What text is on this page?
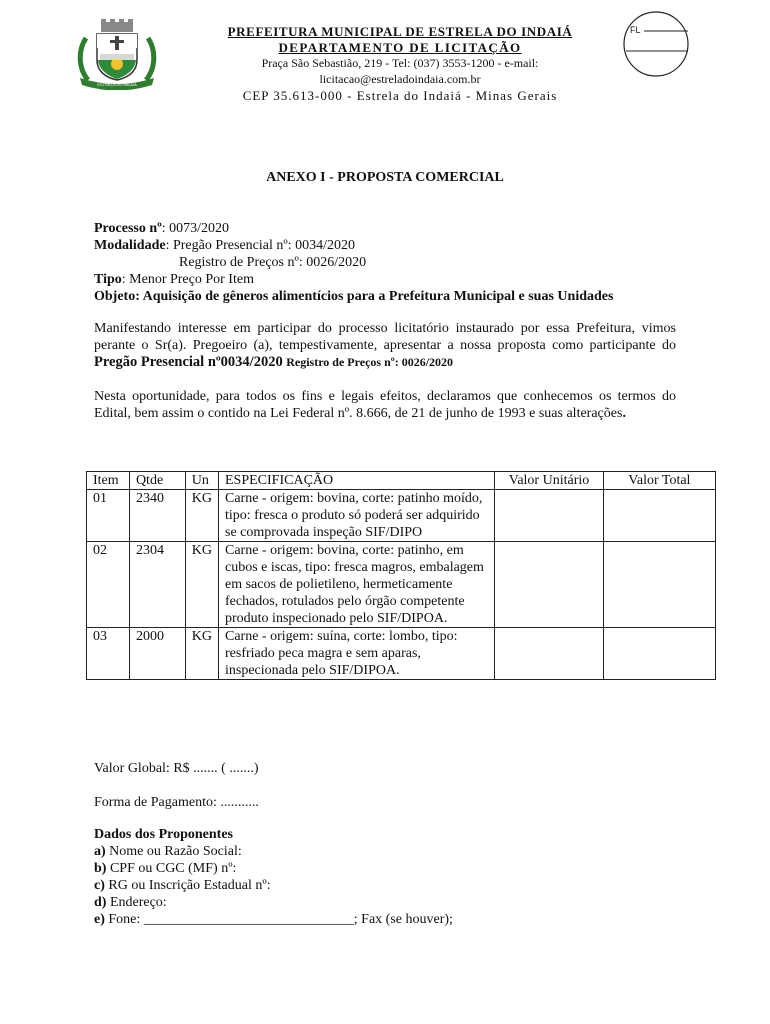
ESTRELA DO INDAIÁ
PREFEITURA MUNICIPAL DE ESTRELA DO INDAIÁ
DEPARTAMENTO DE LICITAÇÃO
Praça São Sebastião, 219 - Tel: (037) 3553-1200 - e-mail:
licitacao@estreladoindaia.com.br
CEP 35.613-000 - Estrela do Indaiá - Minas Gerais
FL
ANEXO I - PROPOSTA COMERCIAL
Processo nº: 0073/2020
Modalidade: Pregão Presencial nº: 0034/2020
Registro de Preços nº: 0026/2020
Tipo: Menor Preço Por Item
Objeto: Aquisição de gêneros alimentícios para a Prefeitura Municipal e suas Unidades
Manifestando interesse em participar do processo licitatório instaurado por essa Prefeitura, vimos perante o Sr(a). Pregoeiro (a), tempestivamente, apresentar a nossa proposta como participante do Pregão Presencial nº0034/2020 Registro de Preços nº: 0026/2020
Nesta oportunidade, para todos os fins e legais efeitos, declaramos que conhecemos os termos do Edital, bem assim o contido na Lei Federal nº. 8.666, de 21 de junho de 1993 e suas alterações.
Item	Qtde	Un	ESPECIFICAÇÃO	Valor Unitário	Valor Total
01	2340	KG	Carne - origem: bovina, corte: patinho moído, tipo: fresca o produto só poderá ser adquirido se comprovada inspeção SIF/DIPO		
02	2304	KG	Carne - origem: bovina, corte: patinho, em cubos e iscas, tipo: fresca magros, embalagem em sacos de polietileno, hermeticamente fechados, rotulados pelo órgão competente produto inspecionado pelo SIF/DIPOA.		
03	2000	KG	Carne - origem: suína, corte: lombo, tipo: resfriado peca magra e sem aparas, inspecionada pelo SIF/DIPOA.		
Valor Global: R$ ....... ( .......)
Forma de Pagamento: ...........
Dados dos Proponentes
a) Nome ou Razão Social:
b) CPF ou CGC (MF) nº:
c) RG ou Inscrição Estadual nº:
d) Endereço:
e) Fone: ______________________________; Fax (se houver);
